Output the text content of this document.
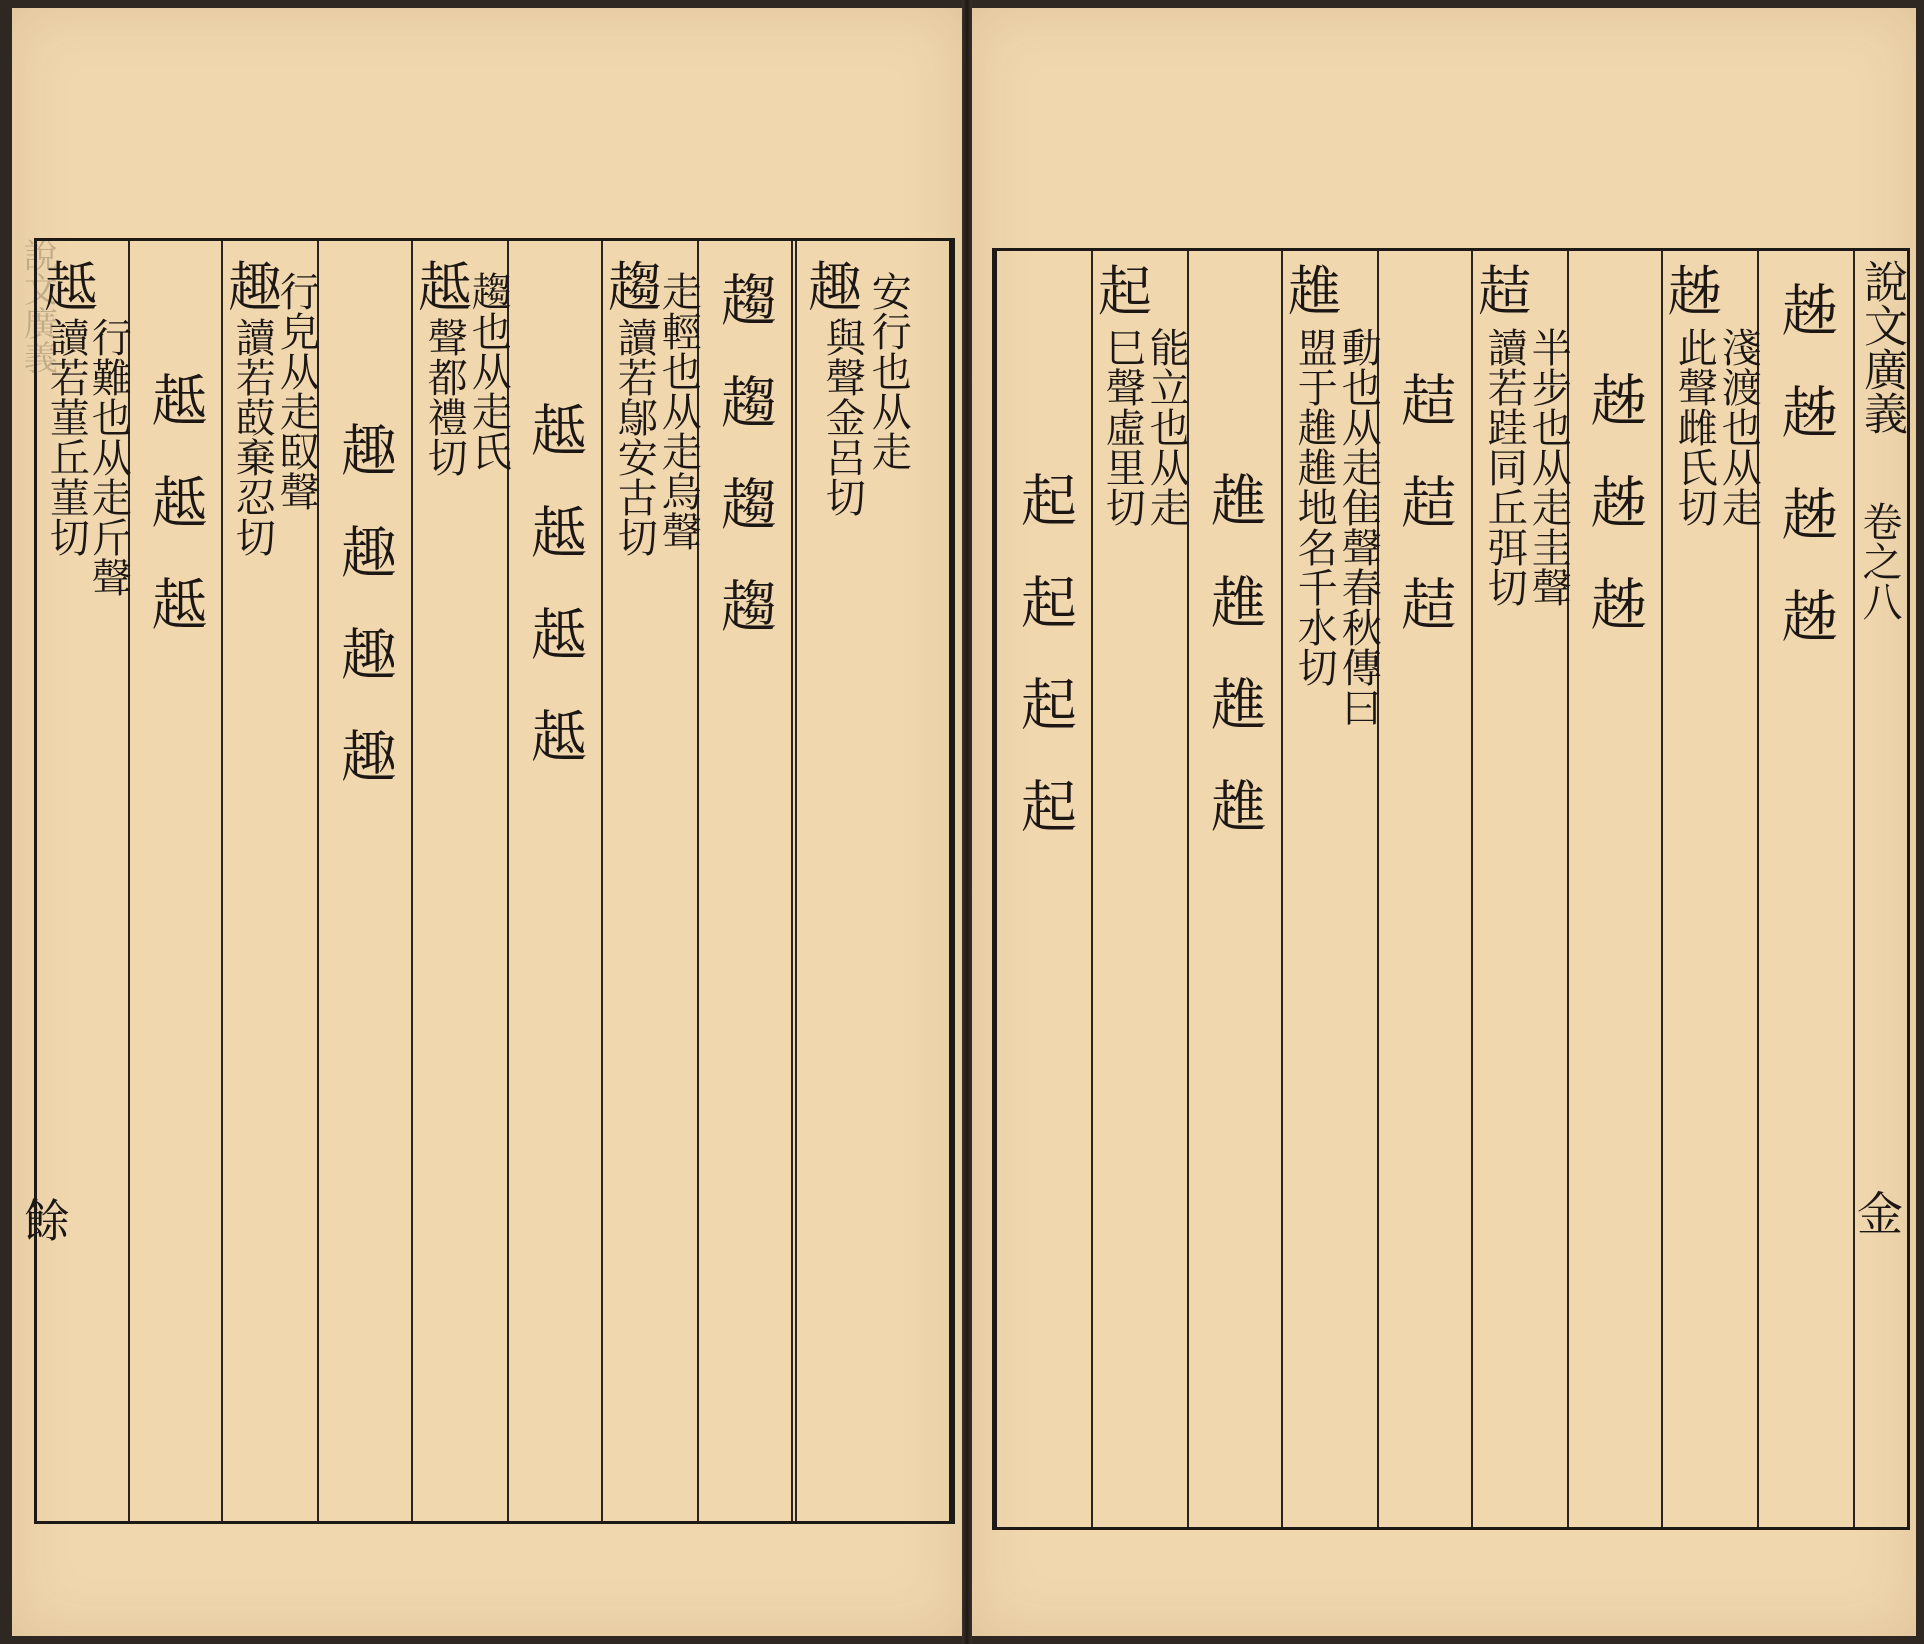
說文廣義
餘
趆
行難也从走斤聲
讀若菫丘菫切 趆趆趆
趣
行皃从走臤聲
讀若菣棄忍切 趣趣趣趣
趆
趨也从走氏
聲都禮切
趆趆趆趆
趨
走輕也从走烏聲
讀若鄔安古切 趨趨趨趨 趣 安行也从走
與聲金呂切
起起起起
起
能立也从走
巳聲虛里切
趡趡趡趡
趡
動也从走隹聲春秋傳曰
盟于趡趡地名千水切 趌趌趌
趌
半步也从走圭聲
讀若跬同丘弭切 趀趀趀
趀
淺渡也从走
此聲雌氏切 趀趀趀趀 說文廣義
卷之八
金
